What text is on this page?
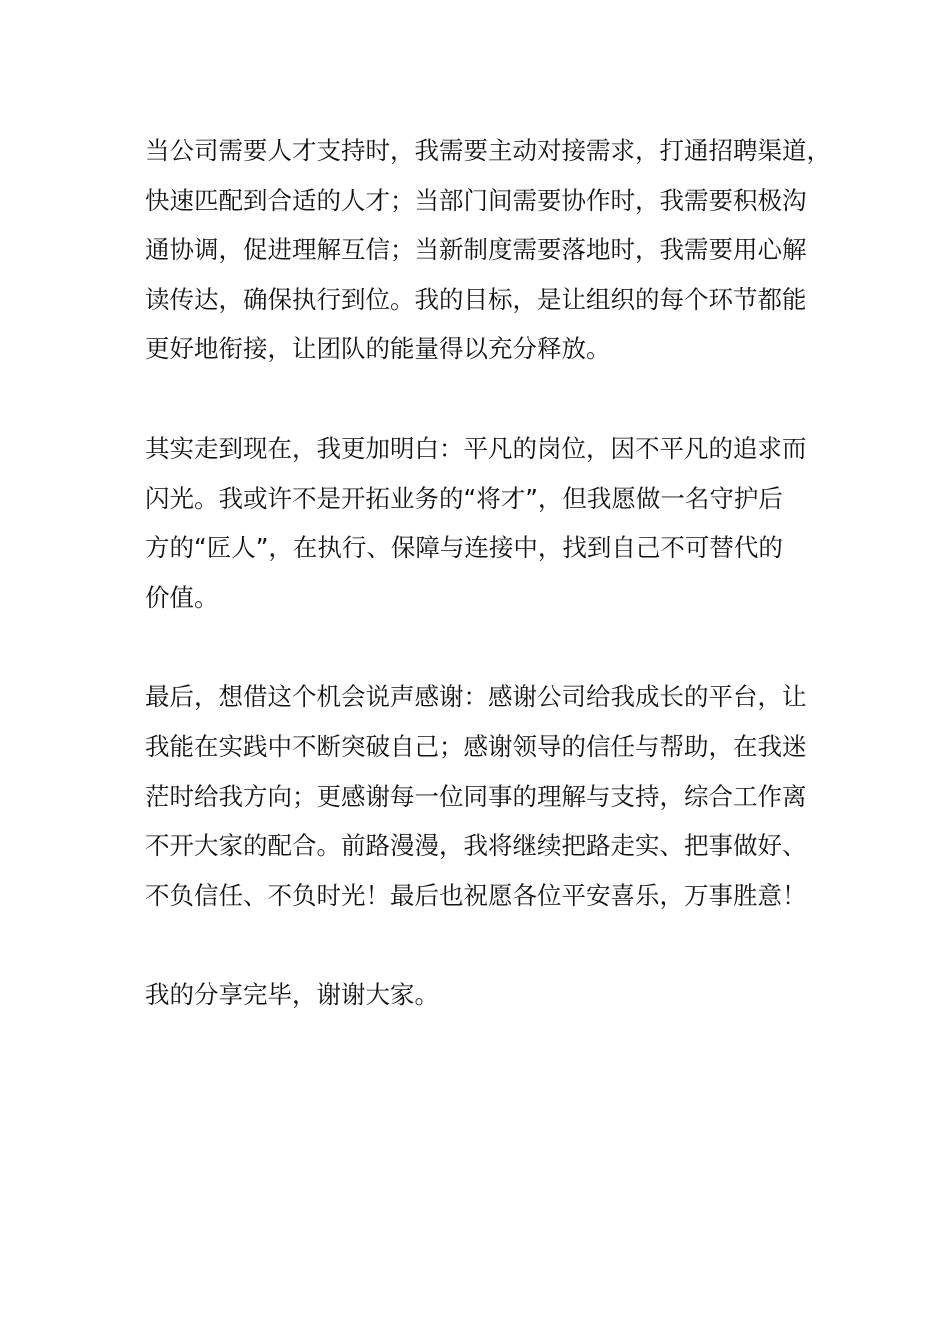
当公司需要人才支持时，我需要主动对接需求，打通招聘渠道，
快速匹配到合适的人才；当部门间需要协作时，我需要积极沟
通协调，促进理解互信；当新制度需要落地时，我需要用心解
读传达，确保执行到位。我的目标，是让组织的每个环节都能
更好地衔接，让团队的能量得以充分释放。

其实走到现在，我更加明白：平凡的岗位，因不平凡的追求而
闪光。我或许不是开拓业务的“将才”，但我愿做一名守护后
方的“匠人”，在执行、保障与连接中，找到自己不可替代的
价值。

最后，想借这个机会说声感谢：感谢公司给我成长的平台，让
我能在实践中不断突破自己；感谢领导的信任与帮助，在我迷
茫时给我方向；更感谢每一位同事的理解与支持，综合工作离
不开大家的配合。前路漫漫，我将继续把路走实、把事做好、
不负信任、不负时光！最后也祝愿各位平安喜乐，万事胜意！

我的分享完毕，谢谢大家。
